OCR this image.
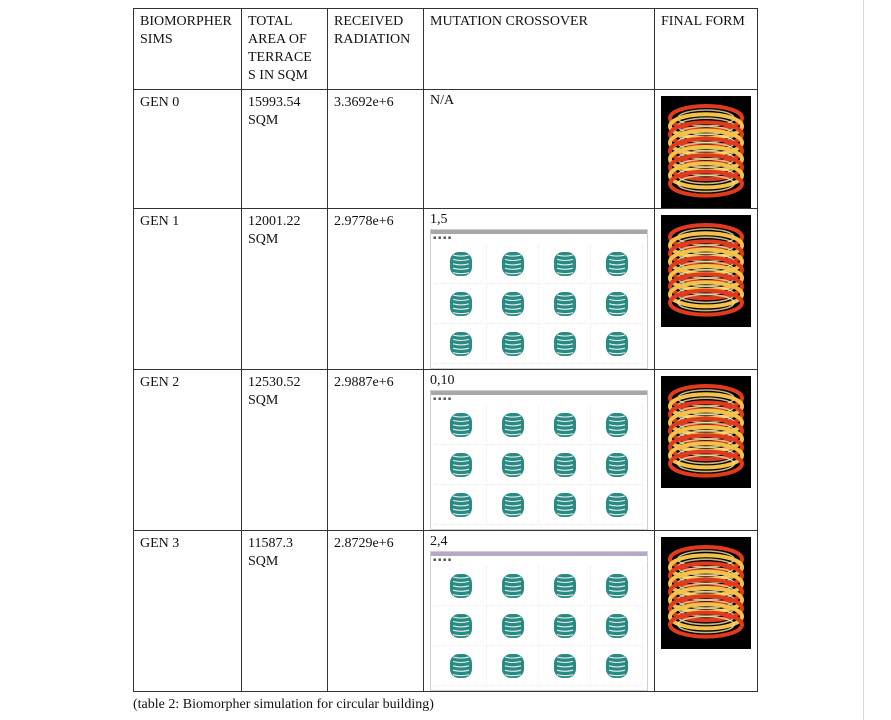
BIOMORPHER SIMS	TOTAL AREA OF TERRACE S IN SQM	RECEIVED RADIATION	MUTATION CROSSOVER	FINAL FORM
GEN 0	15993.54 SQM	3.3692e+6	N/A

GEN 1	12001.22 SQM	2.9778e+6	1,5
▪ ▪ ▪ ▪

GEN 2	12530.52 SQM	2.9887e+6	0,10
▪ ▪ ▪ ▪

GEN 3	11587.3 SQM	2.8729e+6	2,4
▪ ▪ ▪ ▪

(table 2: Biomorpher simulation for circular building)
